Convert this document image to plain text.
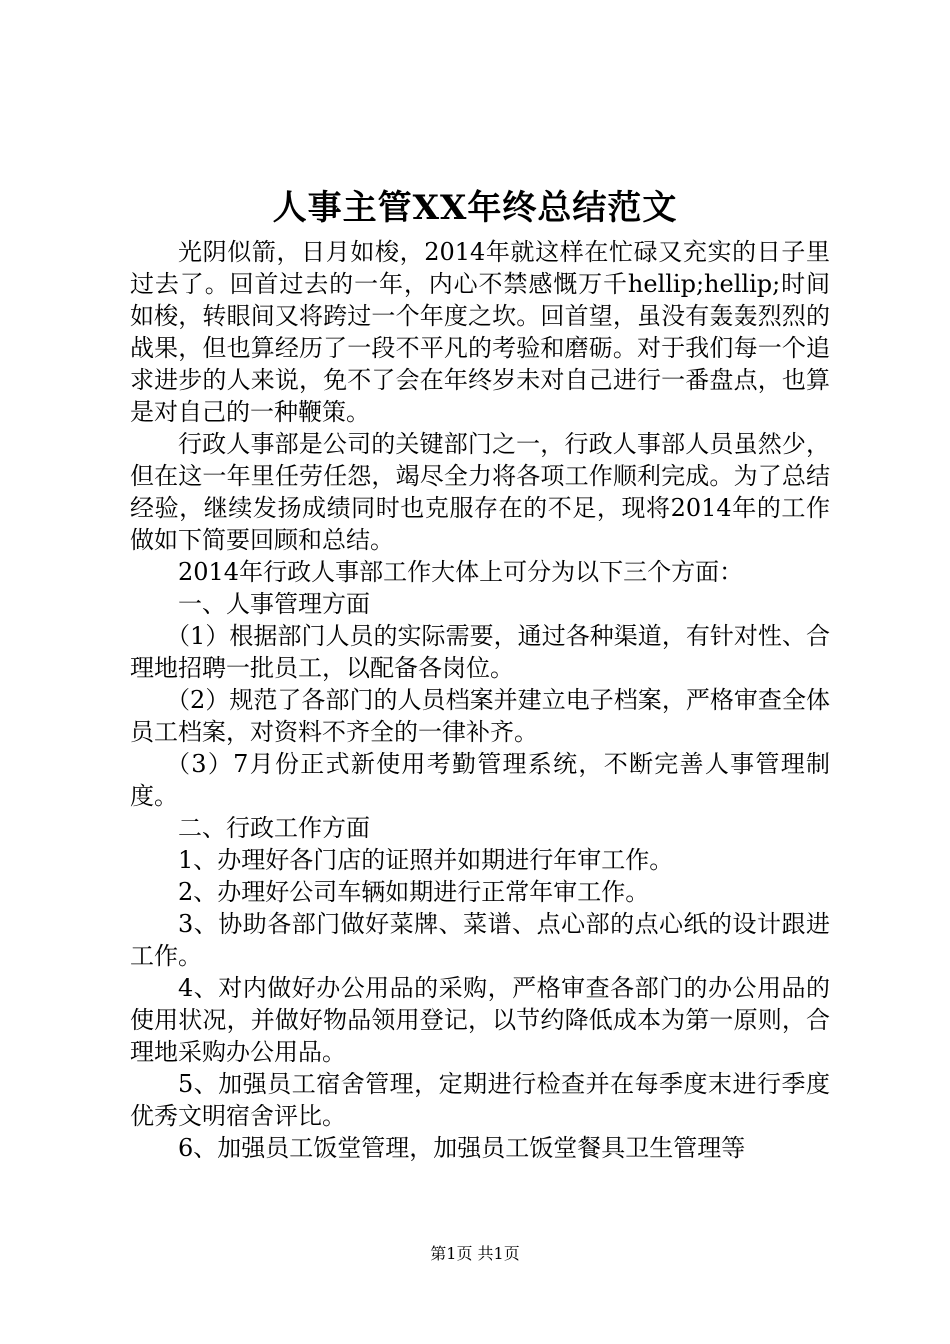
人事主管XX年终总结范文

光阴似箭，日月如梭，2014年就这样在忙碌又充实的日子里过去了。回首过去的一年，内心不禁感慨万千hellip;hellip;时间如梭，转眼间又将跨过一个年度之坎。回首望，虽没有轰轰烈烈的战果，但也算经历了一段不平凡的考验和磨砺。对于我们每一个追求进步的人来说，免不了会在年终岁未对自己进行一番盘点，也算是对自己的一种鞭策。

行政人事部是公司的关键部门之一，行政人事部人员虽然少，但在这一年里任劳任怨，竭尽全力将各项工作顺利完成。为了总结经验，继续发扬成绩同时也克服存在的不足，现将2014年的工作做如下简要回顾和总结。

2014年行政人事部工作大体上可分为以下三个方面：

一、人事管理方面

（1）根据部门人员的实际需要，通过各种渠道，有针对性、合理地招聘一批员工，以配备各岗位。

（2）规范了各部门的人员档案并建立电子档案，严格审查全体员工档案，对资料不齐全的一律补齐。

（3）7月份正式新使用考勤管理系统，不断完善人事管理制度。

二、行政工作方面

1、办理好各门店的证照并如期进行年审工作。

2、办理好公司车辆如期进行正常年审工作。

3、协助各部门做好菜牌、菜谱、点心部的点心纸的设计跟进工作。

4、对内做好办公用品的采购，严格审查各部门的办公用品的使用状况，并做好物品领用登记，以节约降低成本为第一原则，合理地采购办公用品。

5、加强员工宿舍管理，定期进行检查并在每季度末进行季度优秀文明宿舍评比。

6、加强员工饭堂管理，加强员工饭堂餐具卫生管理等

第1页 共1页
